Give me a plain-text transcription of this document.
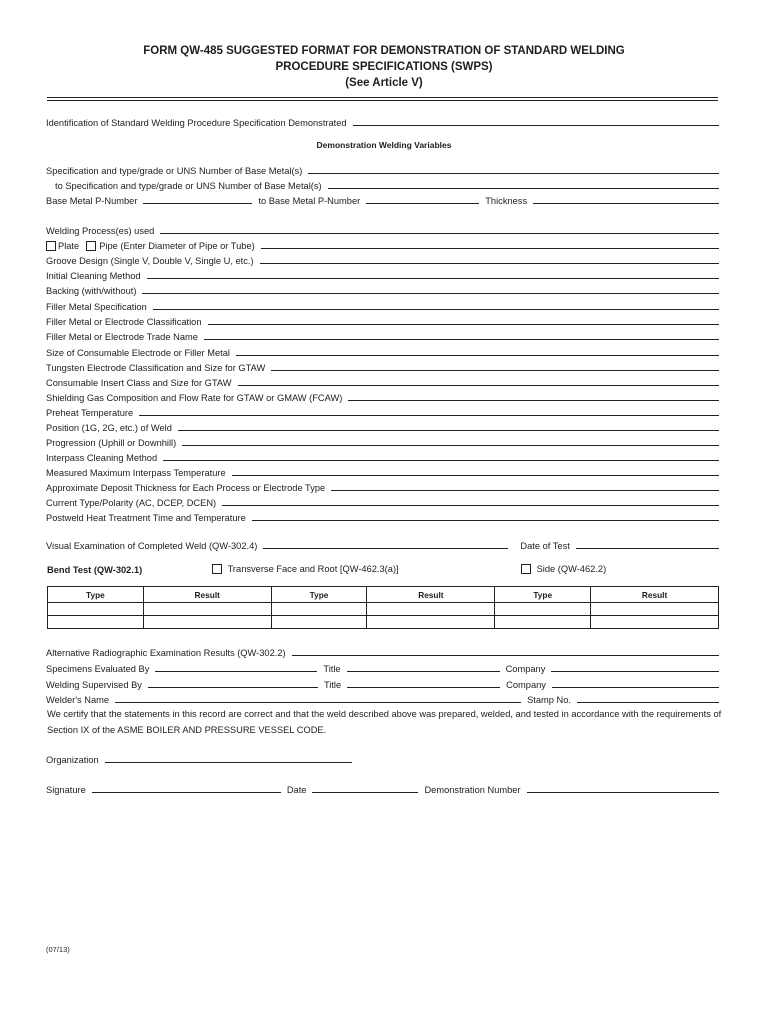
FORM QW-485 SUGGESTED FORMAT FOR DEMONSTRATION OF STANDARD WELDING
PROCEDURE SPECIFICATIONS (SWPS)
(See Article V)
Identification of Standard Welding Procedure Specification Demonstrated
Demonstration Welding Variables
Specification and type/grade or UNS Number of Base Metal(s)
to Specification and type/grade or UNS Number of Base Metal(s)
Base Metal P-Number	to Base Metal P-Number	Thickness
Welding Process(es) used
Plate Pipe (Enter Diameter of Pipe or Tube)
Groove Design (Single V, Double V, Single U, etc.)
Initial Cleaning Method
Backing (with/without)
Filler Metal Specification
Filler Metal or Electrode Classification
Filler Metal or Electrode Trade Name
Size of Consumable Electrode or Filler Metal
Tungsten Electrode Classification and Size for GTAW
Consumable Insert Class and Size for GTAW
Shielding Gas Composition and Flow Rate for GTAW or GMAW (FCAW)
Preheat Temperature
Position (1G, 2G, etc.) of Weld
Progression (Uphill or Downhill)
Interpass Cleaning Method
Measured Maximum Interpass Temperature
Approximate Deposit Thickness for Each Process or Electrode Type
Current Type/Polarity (AC, DCEP, DCEN)
Postweld Heat Treatment Time and Temperature
Visual Examination of Completed Weld (QW-302.4)	Date of Test
Bend Test (QW-302.1)	Transverse Face and Root [QW-462.3(a)]	Side (QW-462.2)
Type	Result	Type	Result	Type	Result

Alternative Radiographic Examination Results (QW-302.2)
Specimens Evaluated By	Title	Company
Welding Supervised By	Title	Company
Welder's Name	Stamp No.
We certify that the statements in this record are correct and that the weld described above was prepared, welded, and tested in accordance with the requirements of Section IX of the ASME BOILER AND PRESSURE VESSEL CODE.
Organization
Signature	Date	Demonstration Number
(07/13)
